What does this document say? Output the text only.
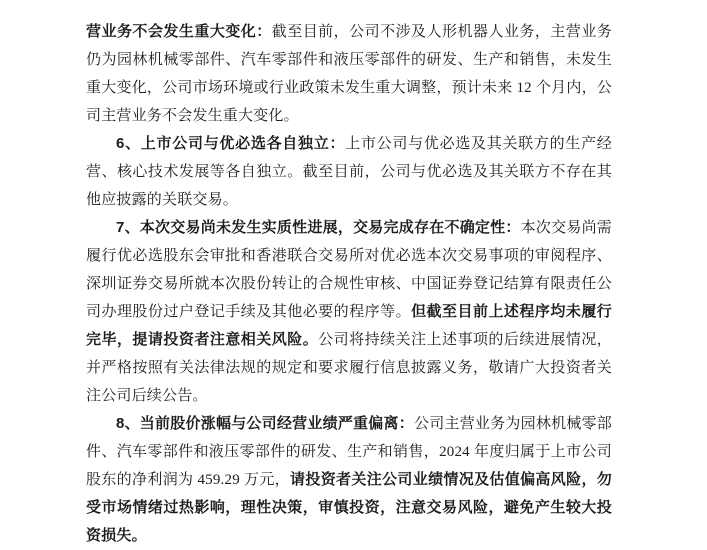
营业务不会发生重大变化：截至目前，公司不涉及人形机器人业务，主营业务仍为园林机械零部件、汽车零部件和液压零部件的研发、生产和销售，未发生重大变化，公司市场环境或行业政策未发生重大调整，预计未来 12 个月内，公司主营业务不会发生重大变化。

6、上市公司与优必选各自独立：上市公司与优必选及其关联方的生产经营、核心技术发展等各自独立。截至目前，公司与优必选及其关联方不存在其他应披露的关联交易。

7、本次交易尚未发生实质性进展，交易完成存在不确定性：本次交易尚需履行优必选股东会审批和香港联合交易所对优必选本次交易事项的审阅程序、深圳证券交易所就本次股份转让的合规性审核、中国证券登记结算有限责任公司办理股份过户登记手续及其他必要的程序等。但截至目前上述程序均未履行完毕，提请投资者注意相关风险。公司将持续关注上述事项的后续进展情况，并严格按照有关法律法规的规定和要求履行信息披露义务，敬请广大投资者关注公司后续公告。

8、当前股价涨幅与公司经营业绩严重偏离：公司主营业务为园林机械零部件、汽车零部件和液压零部件的研发、生产和销售，2024 年度归属于上市公司股东的净利润为 459.29 万元，请投资者关注公司业绩情况及估值偏高风险，勿受市场情绪过热影响，理性决策，审慎投资，注意交易风险，避免产生较大投资损失。
